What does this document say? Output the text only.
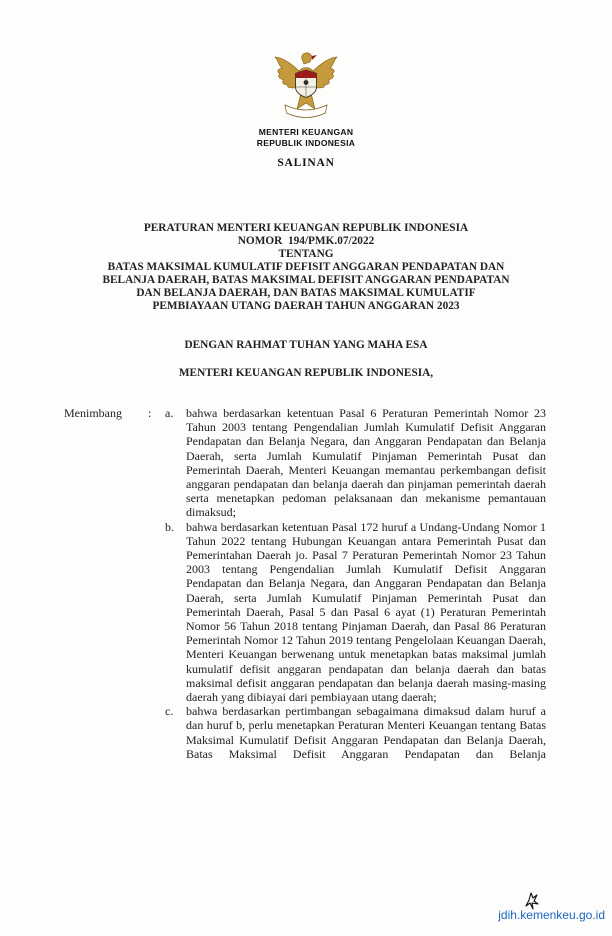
MENTERI KEUANGAN
REPUBLIK INDONESIA
SALINAN
PERATURAN MENTERI KEUANGAN REPUBLIK INDONESIA
NOMOR  194/PMK.07/2022
TENTANG
BATAS MAKSIMAL KUMULATIF DEFISIT ANGGARAN PENDAPATAN DAN
BELANJA DAERAH, BATAS MAKSIMAL DEFISIT ANGGARAN PENDAPATAN
DAN BELANJA DAERAH, DAN BATAS MAKSIMAL KUMULATIF
PEMBIAYAAN UTANG DAERAH TAHUN ANGGARAN 2023
DENGAN RAHMAT TUHAN YANG MAHA ESA
MENTERI KEUANGAN REPUBLIK INDONESIA,
Menimbang	:	a.	bahwa berdasarkan ketentuan Pasal 6 Peraturan Pemerintah Nomor 23 Tahun 2003 tentang Pengendalian Jumlah Kumulatif Defisit Anggaran Pendapatan dan Belanja Negara, dan Anggaran Pendapatan dan Belanja Daerah, serta Jumlah Kumulatif Pinjaman Pemerintah Pusat dan Pemerintah Daerah, Menteri Keuangan memantau perkembangan defisit anggaran pendapatan dan belanja daerah dan pinjaman pemerintah daerah serta menetapkan pedoman pelaksanaan dan mekanisme pemantauan dimaksud;
b.	bahwa berdasarkan ketentuan Pasal 172 huruf a Undang-Undang Nomor 1 Tahun 2022 tentang Hubungan Keuangan antara Pemerintah Pusat dan Pemerintahan Daerah jo. Pasal 7 Peraturan Pemerintah Nomor 23 Tahun 2003 tentang Pengendalian Jumlah Kumulatif Defisit Anggaran Pendapatan dan Belanja Negara, dan Anggaran Pendapatan dan Belanja Daerah, serta Jumlah Kumulatif Pinjaman Pemerintah Pusat dan Pemerintah Daerah, Pasal 5 dan Pasal 6 ayat (1) Peraturan Pemerintah Nomor 56 Tahun 2018 tentang Pinjaman Daerah, dan Pasal 86 Peraturan Pemerintah Nomor 12 Tahun 2019 tentang Pengelolaan Keuangan Daerah, Menteri Keuangan berwenang untuk menetapkan batas maksimal jumlah kumulatif defisit anggaran pendapatan dan belanja daerah dan batas maksimal defisit anggaran pendapatan dan belanja daerah masing-masing daerah yang dibiayai dari pembiayaan utang daerah;
c.	bahwa berdasarkan pertimbangan sebagaimana dimaksud dalam huruf a dan huruf b, perlu menetapkan Peraturan Menteri Keuangan tentang Batas Maksimal Kumulatif Defisit Anggaran Pendapatan dan Belanja Daerah, Batas Maksimal Defisit Anggaran Pendapatan dan Belanja
jdih.kemenkeu.go.id
